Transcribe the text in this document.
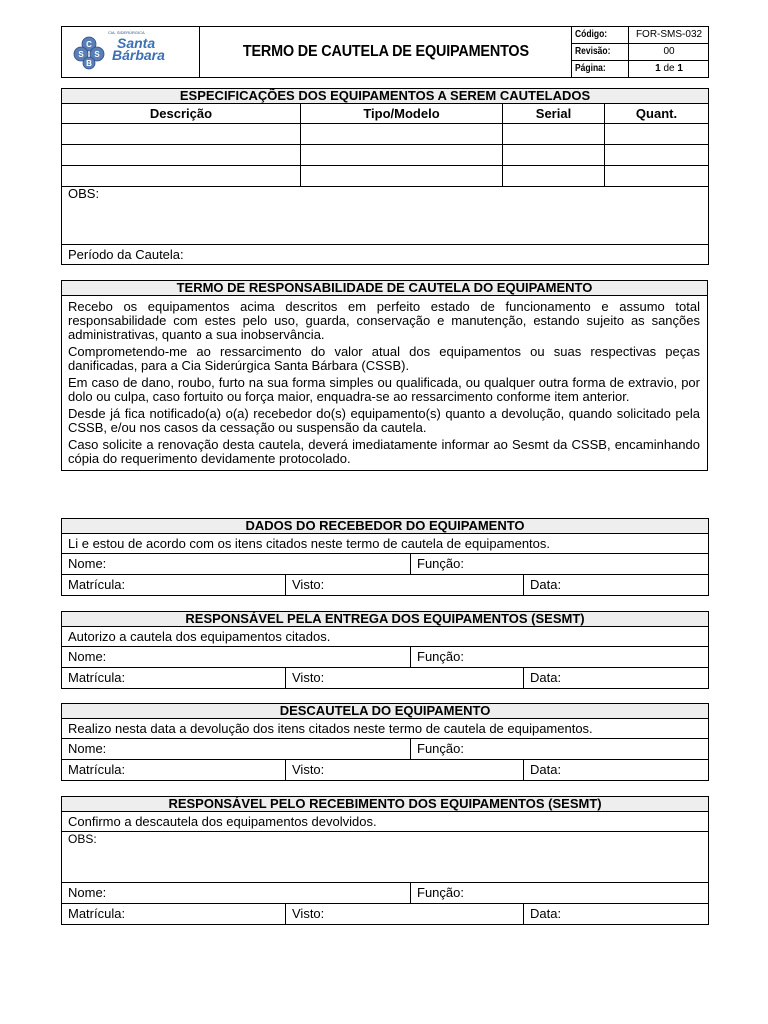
C
S S
B
CIA. SIDERÚRGICA
Santa
Bárbara	TERMO DE CAUTELA DE EQUIPAMENTOS
Código:	FOR-SMS-032
Revisão:	00
Página:	1 de 1
ESPECIFICAÇÕES DOS EQUIPAMENTOS A SEREM CAUTELADOS			
Descrição	Tipo/Modelo	Serial	Quant.

OBS:			
Período da Cautela:			
TERMO DE RESPONSABILIDADE DE CAUTELA DO EQUIPAMENTO

Recebo os equipamentos acima descritos em perfeito estado de funcionamento e assumo total responsabilidade com estes pelo uso, guarda, conservação e manutenção, estando sujeito as sanções administrativas, quanto a sua inobservância.
Comprometendo-me ao ressarcimento do valor atual dos equipamentos ou suas respectivas peças danificadas, para a Cia Siderúrgica Santa Bárbara (CSSB).
Em caso de dano, roubo, furto na sua forma simples ou qualificada, ou qualquer outra forma de extravio, por dolo ou culpa, caso fortuito ou força maior, enquadra-se ao ressarcimento conforme item anterior.
Desde já fica notificado(a) o(a) recebedor do(s) equipamento(s) quanto a devolução, quando solicitado pela CSSB, e/ou nos casos da cessação ou suspensão da cautela.
Caso solicite a renovação desta cautela, deverá imediatamente informar ao Sesmt da CSSB, encaminhando cópia do requerimento devidamente protocolado.
DADOS DO RECEBEDOR DO EQUIPAMENTO			
Li e estou de acordo com os itens citados neste termo de cautela de equipamentos.			
Nome:		Função:	
Matrícula:	Visto:		Data:
RESPONSÁVEL PELA ENTREGA DOS EQUIPAMENTOS (SESMT)			
Autorizo a cautela dos equipamentos citados.			
Nome:		Função:	
Matrícula:	Visto:		Data:
DESCAUTELA DO EQUIPAMENTO			
Realizo nesta data a devolução dos itens citados neste termo de cautela de equipamentos.			
Nome:		Função:	
Matrícula:	Visto:		Data:
RESPONSÁVEL PELO RECEBIMENTO DOS EQUIPAMENTOS (SESMT)			
Confirmo a descautela dos equipamentos devolvidos.			
OBS:			
Nome:		Função:	
Matrícula:	Visto:		Data:
